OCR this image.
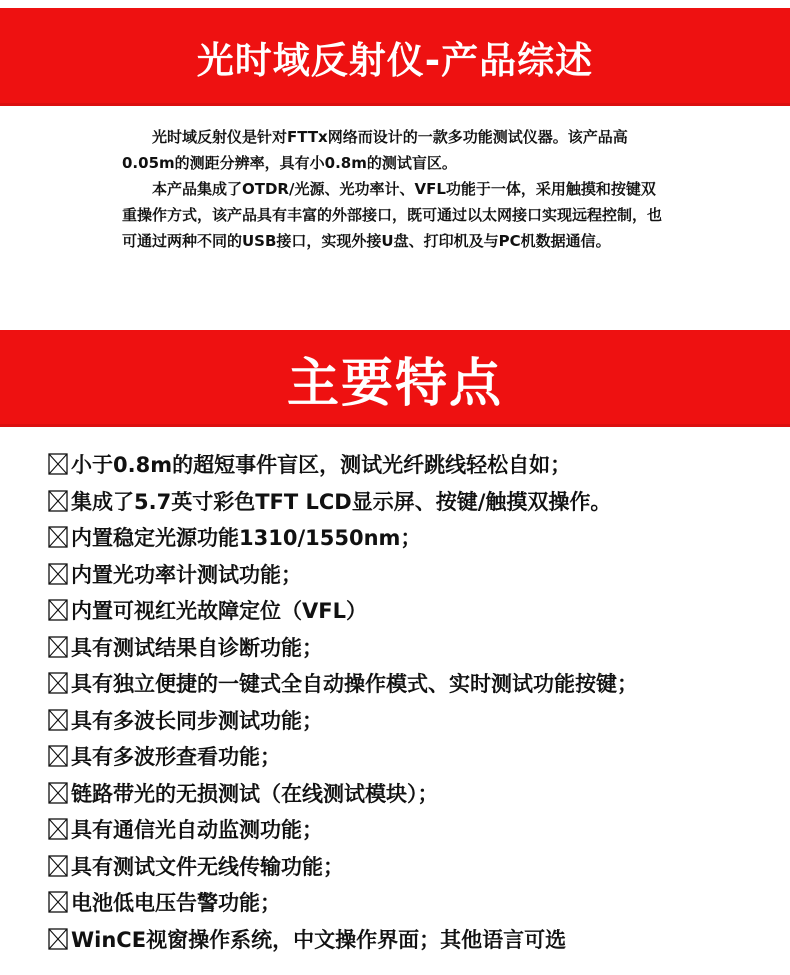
光时域反射仪-产品综述

光时域反射仪是针对FTTx网络而设计的一款多功能测试仪器。该产品高0.05m的测距分辨率，具有小0.8m的测试盲区。

本产品集成了OTDR/光源、光功率计、VFL功能于一体，采用触摸和按键双重操作方式，该产品具有丰富的外部接口，既可通过以太网接口实现远程控制，也可通过两种不同的USB接口，实现外接U盘、打印机及与PC机数据通信。

主要特点
小于0.8m的超短事件盲区，测试光纤跳线轻松自如；
集成了5.7英寸彩色TFT LCD显示屏、按键/触摸双操作。
内置稳定光源功能1310/1550nm；
内置光功率计测试功能；
内置可视红光故障定位（VFL）
具有测试结果自诊断功能；
具有独立便捷的一键式全自动操作模式、实时测试功能按键；
具有多波长同步测试功能；
具有多波形查看功能；
链路带光的无损测试（在线测试模块）；
具有通信光自动监测功能；
具有测试文件无线传输功能；
电池低电压告警功能；
WinCE视窗操作系统，中文操作界面；其他语言可选
